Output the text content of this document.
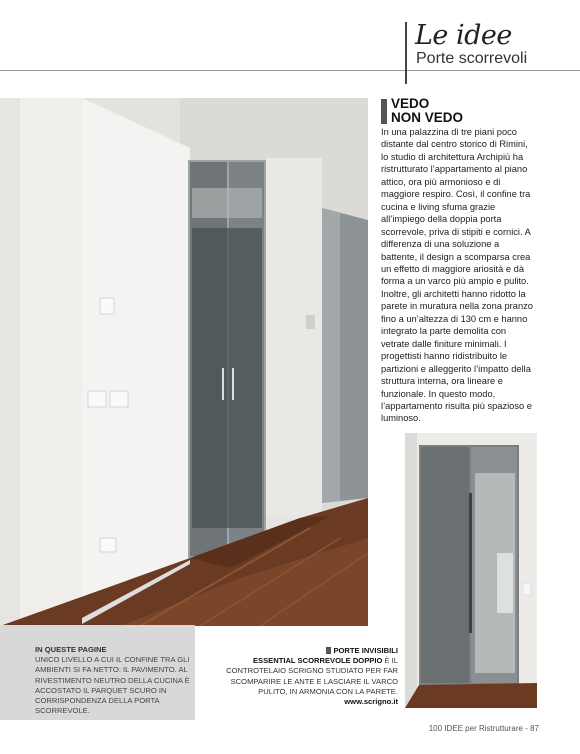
Le idee
Porte scorrevoli
VEDO
NON VEDO
In una palazzina di tre piani poco distante dal centro storico di Rimini, lo studio di architettura Archipiù ha ristrutturato l’appartamento al piano attico, ora più armonioso e di maggiore respiro. Così, il confine tra cucina e living sfuma grazie all’impiego della doppia porta scorrevole, priva di stipiti e cornici. A differenza di una soluzione a battente, il design a scomparsa crea un effetto di maggiore ariosità e dà forma a un varco più ampio e pulito. Inoltre, gli architetti hanno ridotto la parete in muratura nella zona pranzo fino a un’altezza di 130 cm e hanno integrato la parte demolita con vetrate dalle finiture minimali. I progettisti hanno ridistribuito le partizioni e alleggerito l’impatto della struttura interna, ora lineare e funzionale. In questo modo, l’appartamento risulta più spazioso e luminoso.
IN QUESTE PAGINE
UNICO LIVELLO A CUI IL CONFINE TRA GLI AMBIENTI SI FA NETTO: IL PAVIMENTO. AL RIVESTIMENTO NEUTRO DELLA CUCINA È ACCOSTATO IL PARQUET SCURO IN CORRISPONDENZA DELLA PORTA SCORREVOLE.
PORTE INVISIBILI
ESSENTIAL SCORREVOLE DOPPIO È IL CONTROTELAIO SCRIGNO STUDIATO PER FAR SCOMPARIRE LE ANTE E LASCIARE IL VARCO PULITO, IN ARMONIA CON LA PARETE.
www.scrigno.it
100 IDEE per Ristrutturare - 87
